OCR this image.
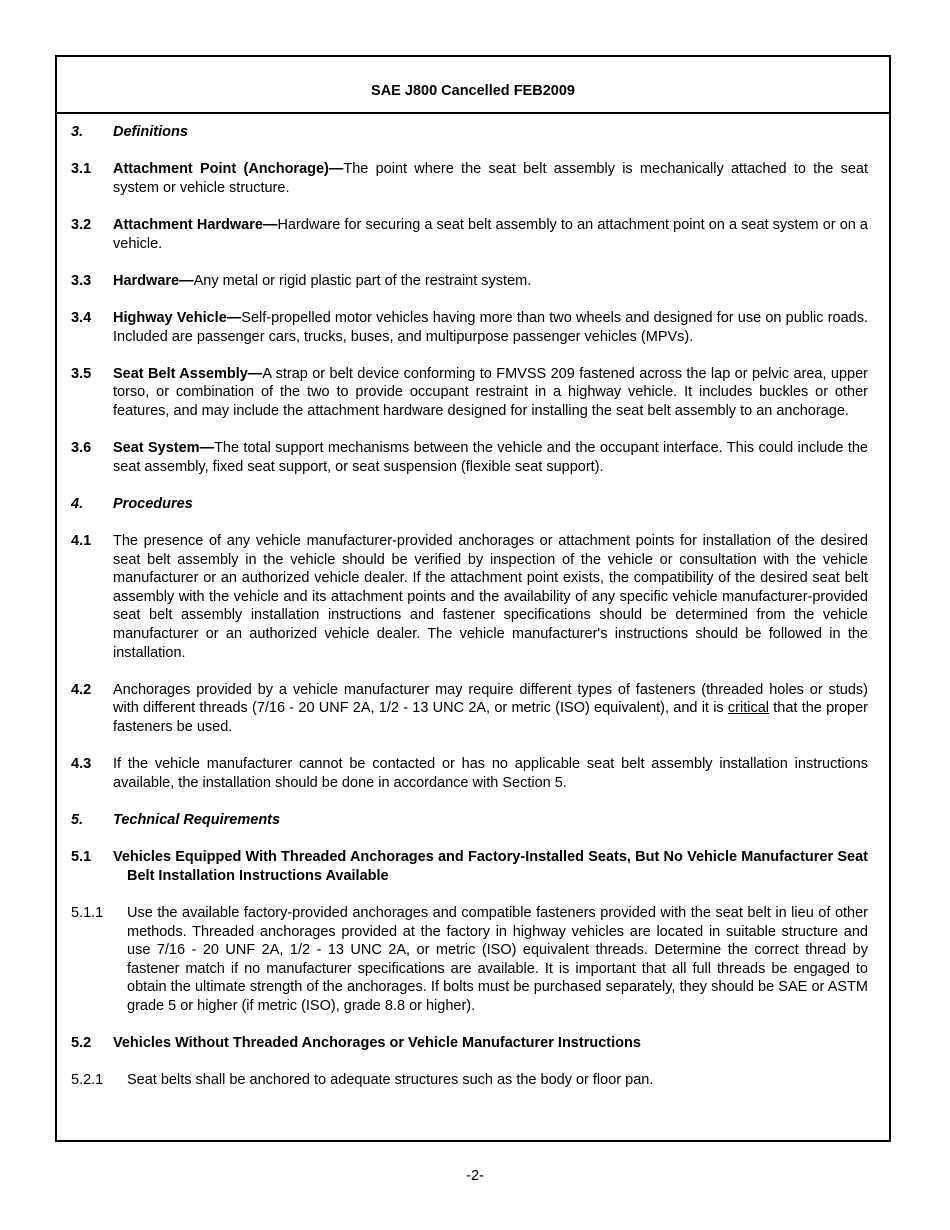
SAE J800 Cancelled FEB2009
3.	Definitions
3.1	Attachment Point (Anchorage)—The point where the seat belt assembly is mechanically attached to the seat system or vehicle structure.
3.2	Attachment Hardware—Hardware for securing a seat belt assembly to an attachment point on a seat system or on a vehicle.
3.3	Hardware—Any metal or rigid plastic part of the restraint system.
3.4	Highway Vehicle—Self-propelled motor vehicles having more than two wheels and designed for use on public roads. Included are passenger cars, trucks, buses, and multipurpose passenger vehicles (MPVs).
3.5	Seat Belt Assembly—A strap or belt device conforming to FMVSS 209 fastened across the lap or pelvic area, upper torso, or combination of the two to provide occupant restraint in a highway vehicle. It includes buckles or other features, and may include the attachment hardware designed for installing the seat belt assembly to an anchorage.
3.6	Seat System—The total support mechanisms between the vehicle and the occupant interface. This could include the seat assembly, fixed seat support, or seat suspension (flexible seat support).
4.	Procedures
4.1	The presence of any vehicle manufacturer-provided anchorages or attachment points for installation of the desired seat belt assembly in the vehicle should be verified by inspection of the vehicle or consultation with the vehicle manufacturer or an authorized vehicle dealer. If the attachment point exists, the compatibility of the desired seat belt assembly with the vehicle and its attachment points and the availability of any specific vehicle manufacturer-provided seat belt assembly installation instructions and fastener specifications should be determined from the vehicle manufacturer or an authorized vehicle dealer. The vehicle manufacturer's instructions should be followed in the installation.
4.2	Anchorages provided by a vehicle manufacturer may require different types of fasteners (threaded holes or studs) with different threads (7/16 - 20 UNF 2A, 1/2 - 13 UNC 2A, or metric (ISO) equivalent), and it is critical that the proper fasteners be used.
4.3	If the vehicle manufacturer cannot be contacted or has no applicable seat belt assembly installation instructions available, the installation should be done in accordance with Section 5.
5.	Technical Requirements
5.1	Vehicles Equipped With Threaded Anchorages and Factory-Installed Seats, But No Vehicle Manufacturer Seat Belt Installation Instructions Available
5.1.1	Use the available factory-provided anchorages and compatible fasteners provided with the seat belt in lieu of other methods. Threaded anchorages provided at the factory in highway vehicles are located in suitable structure and use 7/16 - 20 UNF 2A, 1/2 - 13 UNC 2A, or metric (ISO) equivalent threads. Determine the correct thread by fastener match if no manufacturer specifications are available. It is important that all full threads be engaged to obtain the ultimate strength of the anchorages. If bolts must be purchased separately, they should be SAE or ASTM grade 5 or higher (if metric (ISO), grade 8.8 or higher).
5.2	Vehicles Without Threaded Anchorages or Vehicle Manufacturer Instructions
5.2.1	Seat belts shall be anchored to adequate structures such as the body or floor pan.
-2-
